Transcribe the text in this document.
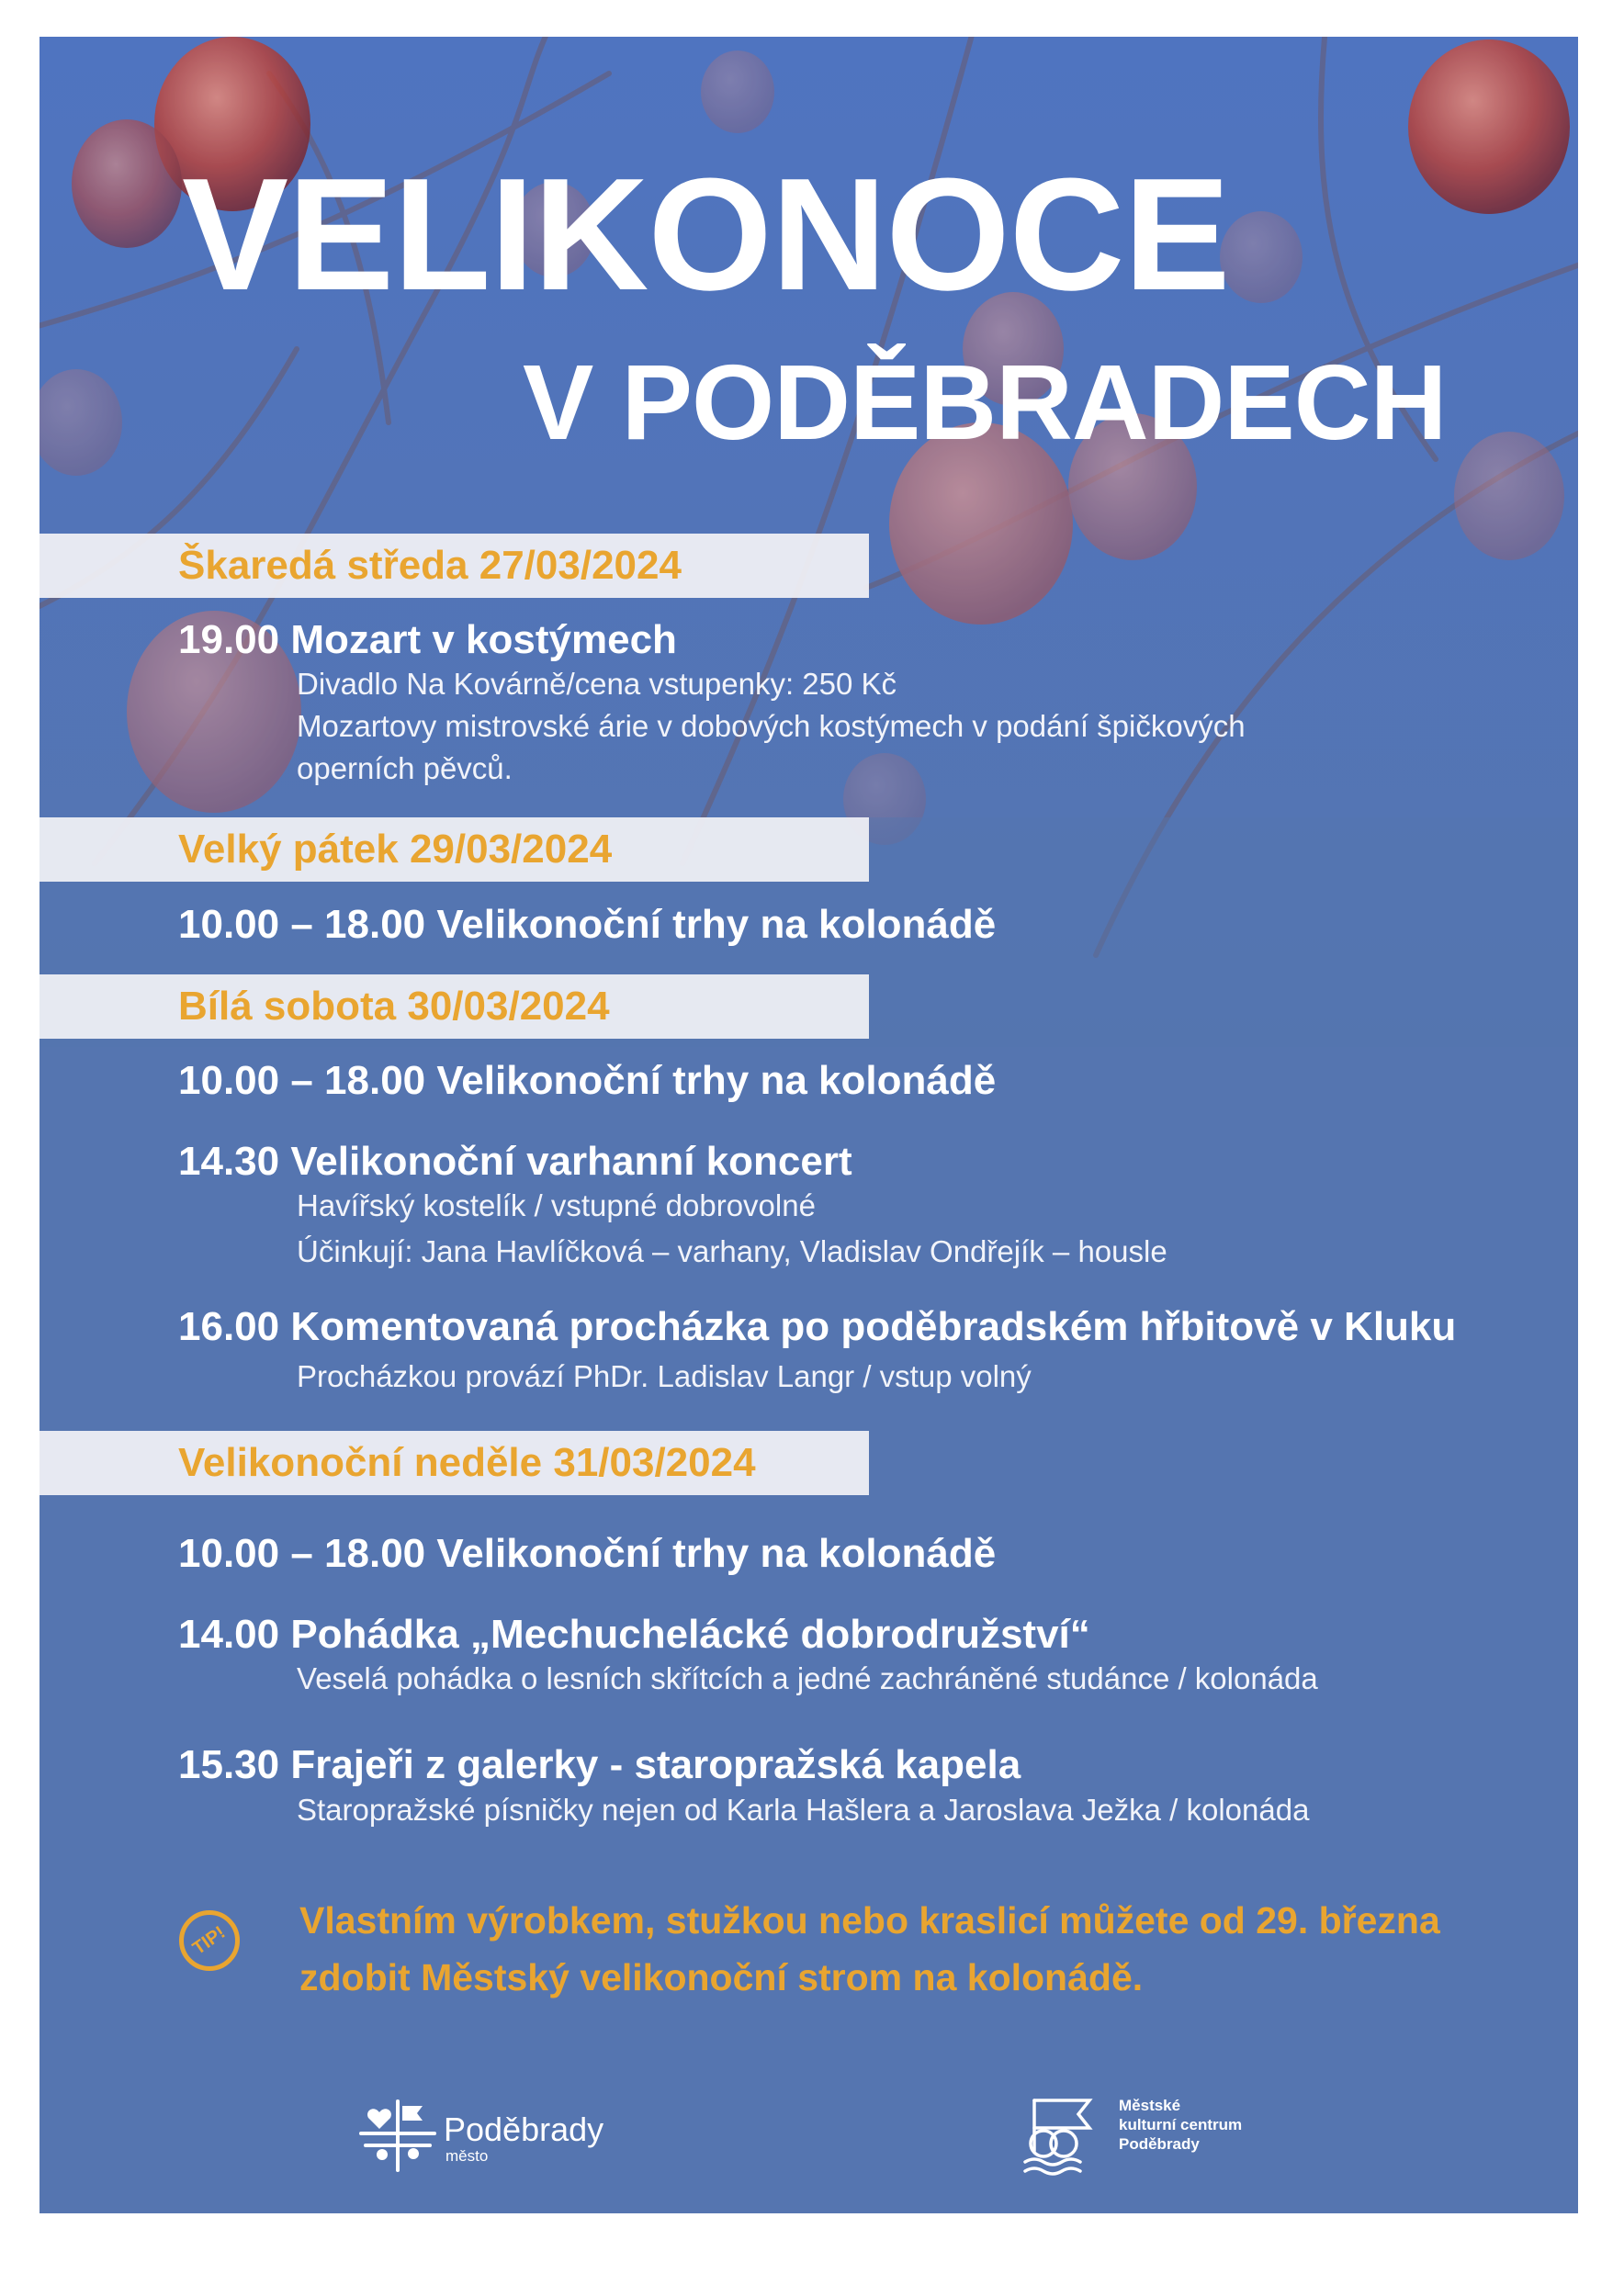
VELIKONOCE
V PODĚBRADECH
Škaredá středa 27/03/2024
19.00 Mozart v kostýmech
Divadlo Na Kovárně/cena vstupenky: 250 Kč
Mozartovy mistrovské árie v dobových kostýmech v podání špičkových
operních pěvců.
Velký pátek 29/03/2024
10.00 – 18.00 Velikonoční trhy na kolonádě
Bílá sobota 30/03/2024
10.00 – 18.00 Velikonoční trhy na kolonádě
14.30 Velikonoční varhanní koncert
Havířský kostelík / vstupné dobrovolné
Účinkují: Jana Havlíčková – varhany, Vladislav Ondřejík – housle
16.00 Komentovaná procházka po poděbradském hřbitově v Kluku
Procházkou provází PhDr. Ladislav Langr / vstup volný
Velikonoční neděle 31/03/2024
10.00 – 18.00 Velikonoční trhy na kolonádě
14.00 Pohádka „Mechuchelácké dobrodružství“
Veselá pohádka o lesních skřítcích a jedné zachráněné studánce / kolonáda
15.30 Frajeři z galerky - staropražská kapela
Staropražské písničky nejen od Karla Hašlera a Jaroslava Ježka / kolonáda
TIP! Vlastním výrobkem, stužkou nebo kraslicí můžete od 29. března
zdobit Městský velikonoční strom na kolonádě.
Poděbrady
město
Městské
kulturní centrum
Poděbrady
